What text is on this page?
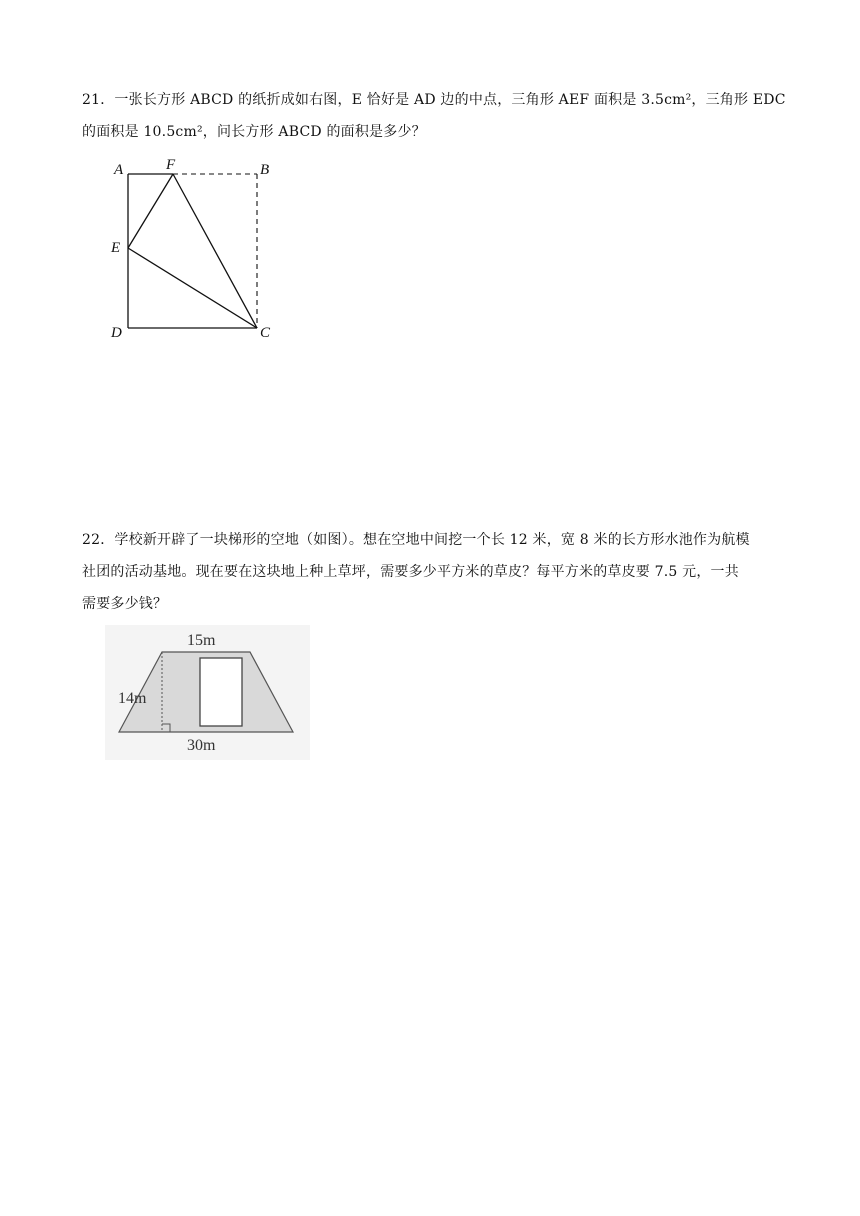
21．一张长方形 ABCD 的纸折成如右图，E 恰好是 AD 边的中点，三角形 AEF 面积是 3.5cm²，三角形 EDC
的面积是 10.5cm²，问长方形 ABCD 的面积是多少？
A	F	B
E
D	C
22．学校新开辟了一块梯形的空地（如图）。想在空地中间挖一个长 12 米，宽 8 米的长方形水池作为航模
社团的活动基地。现在要在这块地上种上草坪，需要多少平方米的草皮？每平方米的草皮要 7.5 元，一共
需要多少钱？
15m
14m
30m
